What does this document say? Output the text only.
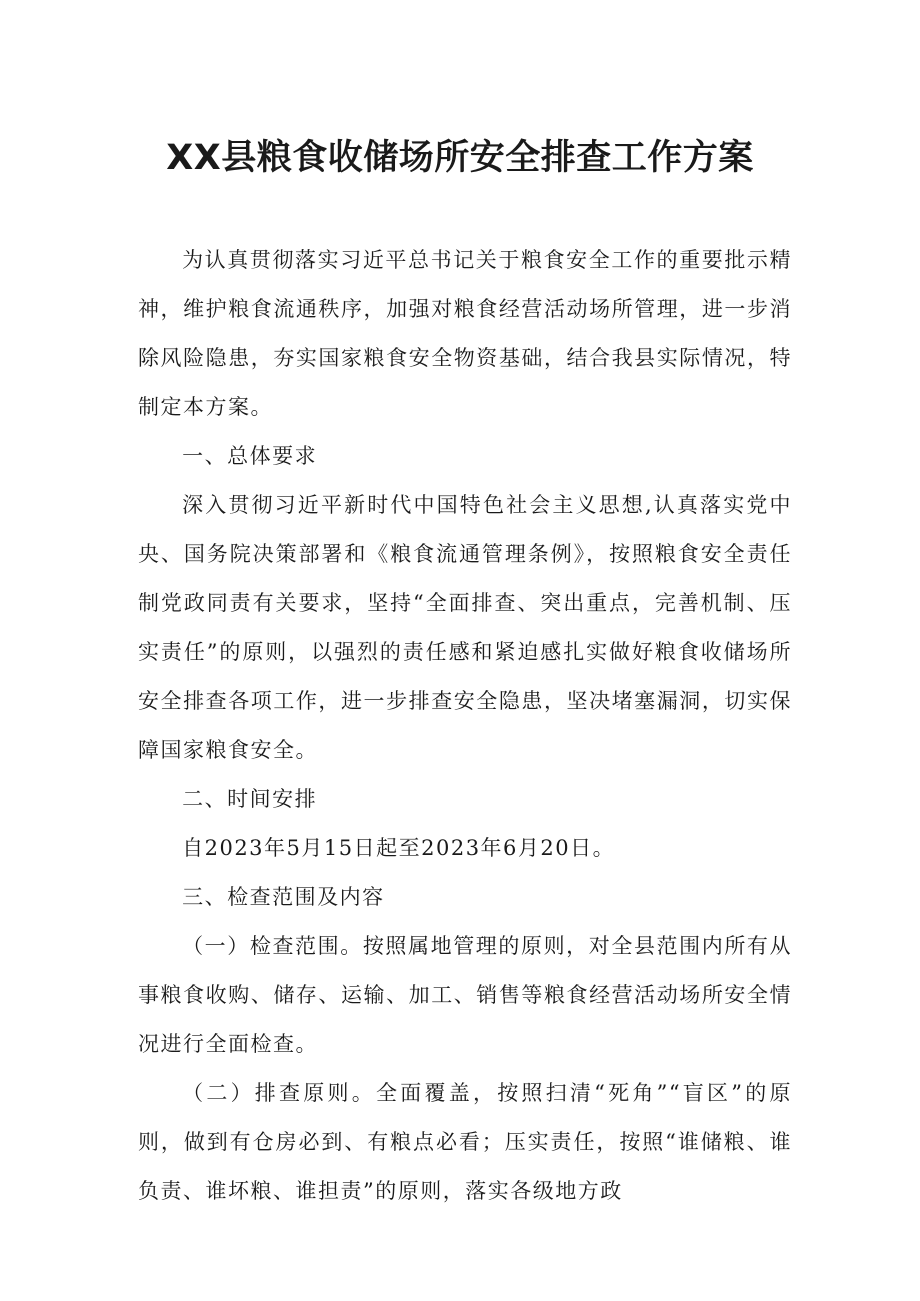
XX县粮食收储场所安全排查工作方案

为认真贯彻落实习近平总书记关于粮食安全工作的重要批示精神，维护粮食流通秩序，加强对粮食经营活动场所管理，进一步消除风险隐患，夯实国家粮食安全物资基础，结合我县实际情况，特制定本方案。

一、总体要求

深入贯彻习近平新时代中国特色社会主义思想,认真落实党中央、国务院决策部署和《粮食流通管理条例》，按照粮食安全责任制党政同责有关要求，坚持“全面排查、突出重点，完善机制、压实责任”的原则，以强烈的责任感和紧迫感扎实做好粮食收储场所安全排查各项工作，进一步排查安全隐患，坚决堵塞漏洞，切实保障国家粮食安全。

二、时间安排

自2023年5月15日起至2023年6月20日。

三、检查范围及内容

（一）检查范围。按照属地管理的原则，对全县范围内所有从事粮食收购、储存、运输、加工、销售等粮食经营活动场所安全情况进行全面检查。

（二）排查原则。全面覆盖，按照扫清“死角”“盲区”的原则，做到有仓房必到、有粮点必看；压实责任，按照“谁储粮、谁负责、谁坏粮、谁担责”的原则，落实各级地方政
